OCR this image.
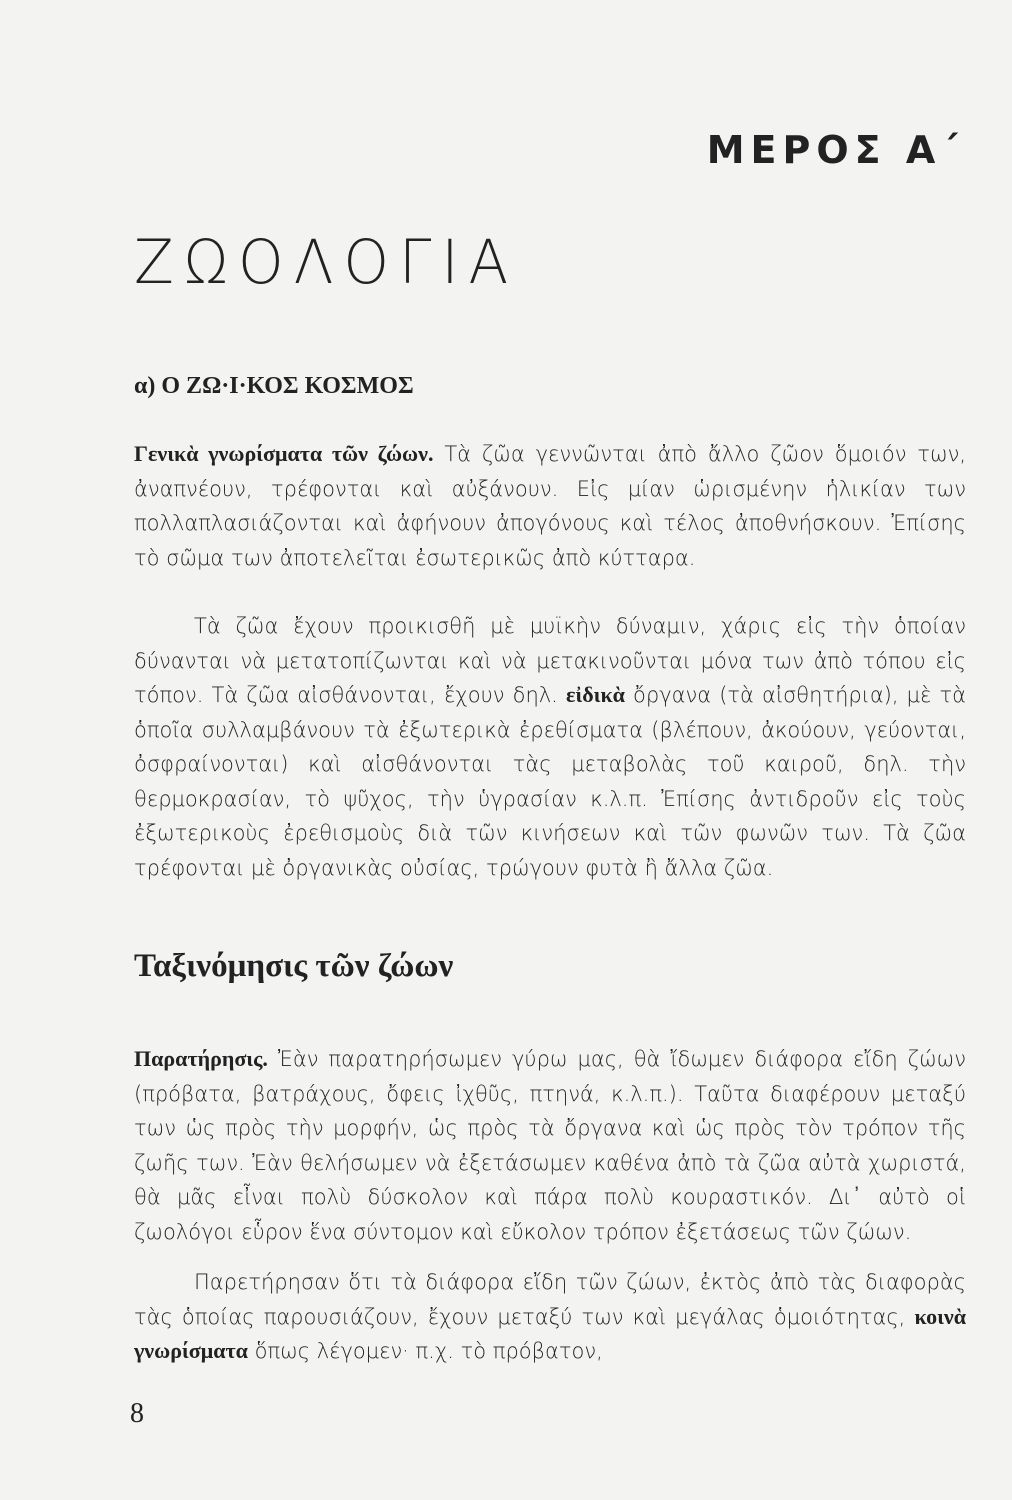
ΜΕΡΟΣ Α΄
ΖΩΟΛΟΓΙΑ
α) Ο ΖΩ·Ι·ΚΟΣ ΚΟΣΜΟΣ

Γενικὰ γνωρίσματα τῶν ζώων. Τὰ ζῶα γεννῶνται ἀπὸ ἄλλο ζῶον ὅμοιόν των, ἀναπνέουν, τρέφονται καὶ αὐξάνουν. Εἰς μίαν ὡρισμένην ἡλικίαν των πολλαπλασιάζονται καὶ ἀφήνουν ἀπογόνους καὶ τέλος ἀποθνήσκουν. Ἐπίσης τὸ σῶμα των ἀποτελεῖται ἐσωτερικῶς ἀπὸ κύτταρα.

Τὰ ζῶα ἔχουν προικισθῆ μὲ μυϊκὴν δύναμιν, χάρις εἰς τὴν ὁποίαν δύνανται νὰ μετατοπίζωνται καὶ νὰ μετακινοῦνται μόνα των ἀπὸ τόπου εἰς τόπον. Τὰ ζῶα αἰσθάνονται, ἔχουν δηλ. εἰδικὰ ὄργανα (τὰ αἰσθητήρια), μὲ τὰ ὁποῖα συλλαμβάνουν τὰ ἐξωτερικὰ ἐρεθίσματα (βλέπουν, ἀκούουν, γεύονται, ὀσφραίνονται) καὶ αἰσθάνονται τὰς μεταβολὰς τοῦ καιροῦ, δηλ. τὴν θερμοκρασίαν, τὸ ψῦχος, τὴν ὑγρασίαν κ.λ.π. Ἐπίσης ἀντιδροῦν εἰς τοὺς ἐξωτερικοὺς ἐρεθισμοὺς διὰ τῶν κινήσεων καὶ τῶν φωνῶν των. Τὰ ζῶα τρέφονται μὲ ὀργανικὰς οὐσίας, τρώγουν φυτὰ ἢ ἄλλα ζῶα.

Ταξινόμησις τῶν ζώων

Παρατήρησις. Ἐὰν παρατηρήσωμεν γύρω μας, θὰ ἴδωμεν διάφορα εἴδη ζώων (πρόβατα, βατράχους, ὄφεις ἰχθῦς, πτηνά, κ.λ.π.). Ταῦτα διαφέρουν μεταξύ των ὡς πρὸς τὴν μορφήν, ὡς πρὸς τὰ ὄργανα καὶ ὡς πρὸς τὸν τρόπον τῆς ζωῆς των. Ἐὰν θελήσωμεν νὰ ἐξετάσωμεν καθένα ἀπὸ τὰ ζῶα αὐτὰ χωριστά, θὰ μᾶς εἶναι πολὺ δύσκολον καὶ πάρα πολὺ κουραστικόν. Δι᾽ αὐτὸ οἱ ζωολόγοι εὗρον ἕνα σύντομον καὶ εὔκολον τρόπον ἐξετάσεως τῶν ζώων.

Παρετήρησαν ὅτι τὰ διάφορα εἴδη τῶν ζώων, ἐκτὸς ἀπὸ τὰς διαφορὰς τὰς ὁποίας παρουσιάζουν, ἔχουν μεταξύ των καὶ μεγάλας ὁμοιότητας, κοινὰ γνωρίσματα ὅπως λέγομεν· π.χ. τὸ πρόβατον,

8
